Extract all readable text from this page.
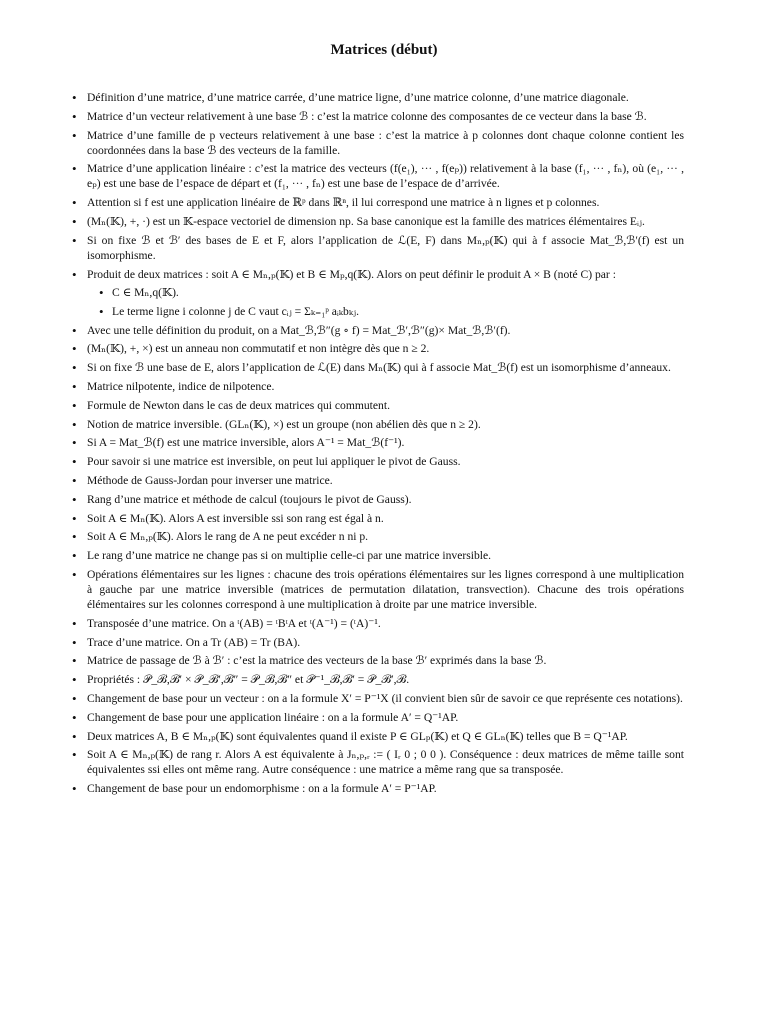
Matrices (début)
• Définition d’une matrice, d’une matrice carrée, d’une matrice ligne, d’une matrice colonne, d’une matrice diagonale.
• Matrice d’un vecteur relativement à une base ℬ : c’est la matrice colonne des composantes de ce vecteur dans la base ℬ.
• Matrice d’une famille de p vecteurs relativement à une base : c’est la matrice à p colonnes dont chaque colonne contient les coordonnées dans la base ℬ des vecteurs de la famille.
• Matrice d’une application linéaire : c’est la matrice des vecteurs (f(e₁), ··· , f(eₚ)) relativement à la base (f₁, ··· , fₙ), où (e₁, ··· , eₚ) est une base de l’espace de départ et (f₁, ··· , fₙ) est une base de l’espace de d’arrivée.
• Attention si f est une application linéaire de ℝᵖ dans ℝⁿ, il lui correspond une matrice à n lignes et p colonnes.
• (Mₙ(𝕂), +, ·) est un 𝕂-espace vectoriel de dimension np. Sa base canonique est la famille des matrices élémentaires Eᵢⱼ.
• Si on fixe ℬ et ℬ′ des bases de E et F, alors l’application de ℒ(E, F) dans Mₙ,ₚ(𝕂) qui à f associe Mat_ℬ,ℬ′(f) est un isomorphisme.
• Produit de deux matrices : soit A ∈ Mₙ,ₚ(𝕂) et B ∈ Mₚ,q(𝕂). Alors on peut définir le produit A × B (noté C) par :
• C ∈ Mₙ,q(𝕂).
• Le terme ligne i colonne j de C vaut cᵢⱼ = Σₖ₌₁ᵖ aᵢₖbₖⱼ.
• Avec une telle définition du produit, on a Mat_ℬ,ℬ″(g ∘ f) = Mat_ℬ′,ℬ″(g)× Mat_ℬ,ℬ′(f).
• (Mₙ(𝕂), +, ×) est un anneau non commutatif et non intègre dès que n ≥ 2.
• Si on fixe ℬ une base de E, alors l’application de ℒ(E) dans Mₙ(𝕂) qui à f associe Mat_ℬ(f) est un isomorphisme d’anneaux.
• Matrice nilpotente, indice de nilpotence.
• Formule de Newton dans le cas de deux matrices qui commutent.
• Notion de matrice inversible. (GLₙ(𝕂), ×) est un groupe (non abélien dès que n ≥ 2).
• Si A = Mat_ℬ(f) est une matrice inversible, alors A⁻¹ = Mat_ℬ(f⁻¹).
• Pour savoir si une matrice est inversible, on peut lui appliquer le pivot de Gauss.
• Méthode de Gauss-Jordan pour inverser une matrice.
• Rang d’une matrice et méthode de calcul (toujours le pivot de Gauss).
• Soit A ∈ Mₙ(𝕂). Alors A est inversible ssi son rang est égal à n.
• Soit A ∈ Mₙ,ₚ(𝕂). Alors le rang de A ne peut excéder n ni p.
• Le rang d’une matrice ne change pas si on multiplie celle-ci par une matrice inversible.
• Opérations élémentaires sur les lignes : chacune des trois opérations élémentaires sur les lignes correspond à une multiplication à gauche par une matrice inversible (matrices de permutation dilatation, transvection). Chacune des trois opérations élémentaires sur les colonnes correspond à une multiplication à droite par une matrice inversible.
• Transposée d’une matrice. On a ᵗ(AB) = ᵗBᵗA et ᵗ(A⁻¹) = (ᵗA)⁻¹.
• Trace d’une matrice. On a Tr (AB) = Tr (BA).
• Matrice de passage de ℬ à ℬ′ : c’est la matrice des vecteurs de la base ℬ′ exprimés dans la base ℬ.
• Propriétés : 𝒫_ℬ,ℬ′ × 𝒫_ℬ′,ℬ″ = 𝒫_ℬ,ℬ″ et 𝒫⁻¹_ℬ,ℬ′ = 𝒫_ℬ′,ℬ.
• Changement de base pour un vecteur : on a la formule X′ = P⁻¹X (il convient bien sûr de savoir ce que représente ces notations).
• Changement de base pour une application linéaire : on a la formule A′ = Q⁻¹AP.
• Deux matrices A, B ∈ Mₙ,ₚ(𝕂) sont équivalentes quand il existe P ∈ GLₚ(𝕂) et Q ∈ GLₙ(𝕂) telles que B = Q⁻¹AP.
• Soit A ∈ Mₙ,ₚ(𝕂) de rang r. Alors A est équivalente à Jₙ,ₚ,ᵣ := ( Iᵣ 0 ; 0 0 ). Conséquence : deux matrices de même taille sont équivalentes ssi elles ont même rang. Autre conséquence : une matrice a même rang que sa transposée.
• Changement de base pour un endomorphisme : on a la formule A′ = P⁻¹AP.
